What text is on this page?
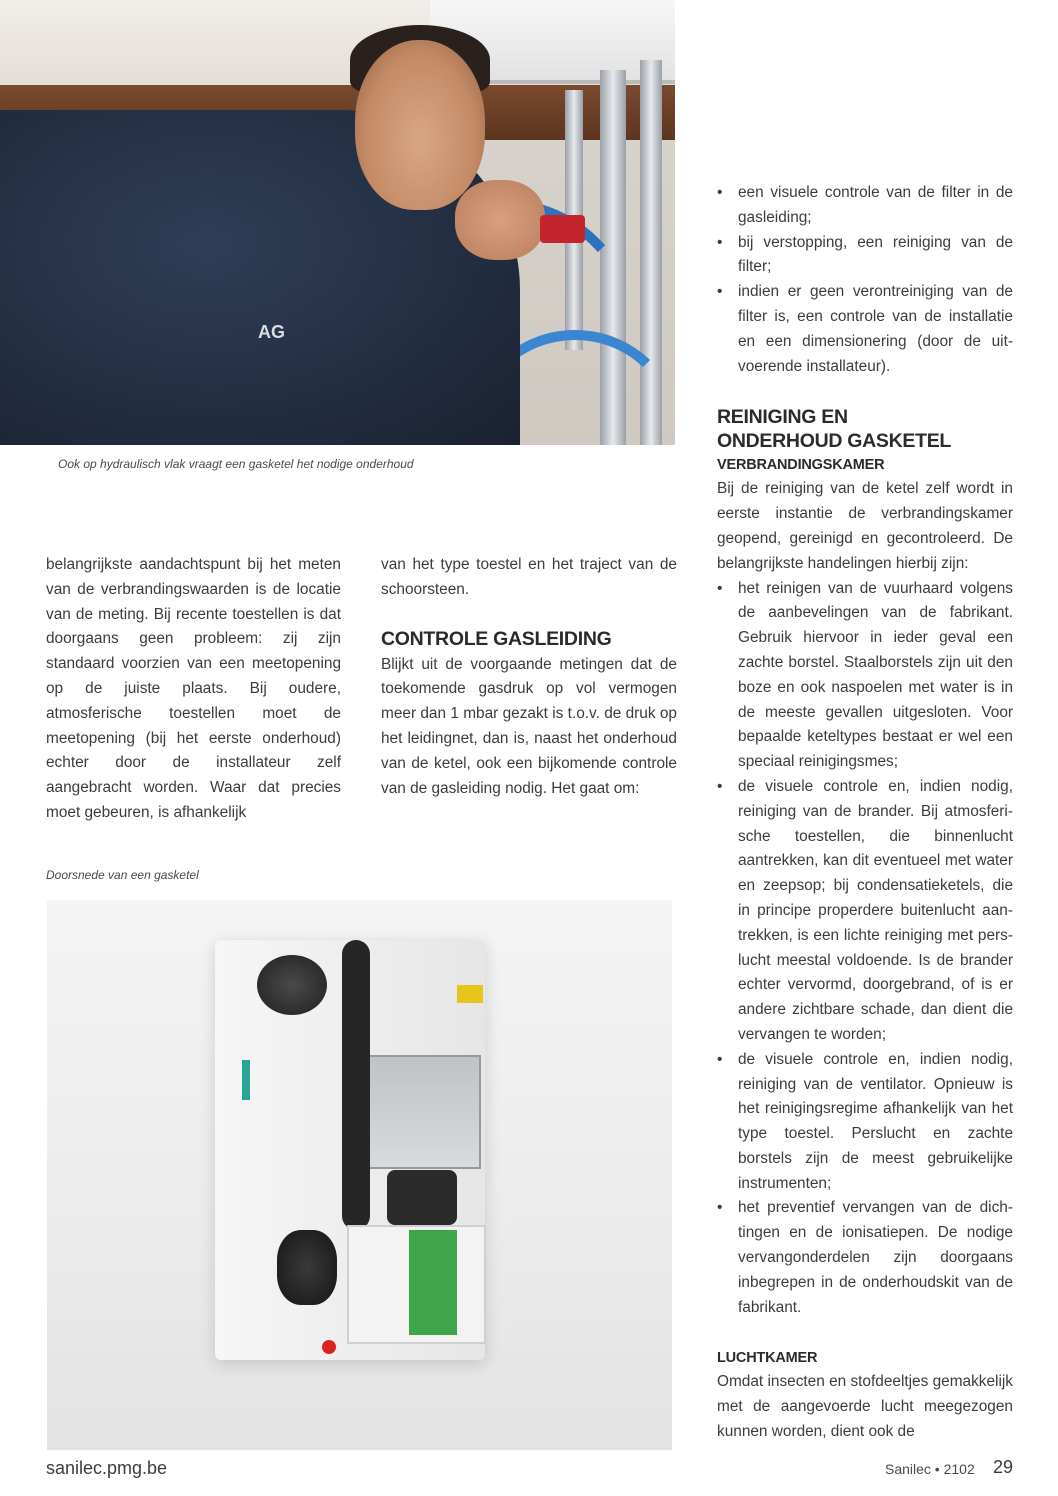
AG
Ook op hydraulisch vlak vraagt een gasketel het nodige onderhoud

belangrijkste aandachtspunt bij het meten van de verbrandingswaarden is de locatie van de meting. Bij recente toestellen is dat doorgaans geen probleem: zij zijn standaard voorzien van een meetopening op de juiste plaats. Bij oudere, atmosferische toestellen moet de meetopening (bij het eerste onderhoud) echter door de installateur zelf aangebracht worden. Waar dat precies moet gebeuren, is afhankelijk

van het type toestel en het traject van de schoorsteen.

CONTROLE GASLEIDING

Blijkt uit de voorgaande metingen dat de toekomende gasdruk op vol vermogen meer dan 1 mbar gezakt is t.o.v. de druk op het leidingnet, dan is, naast het onderhoud van de ketel, ook een bijkomende controle van de gasleiding nodig. Het gaat om:

Doorsnede van een gasketel
• een visuele controle van de filter in de gasleiding;
• bij verstopping, een reiniging van de filter;
• indien er geen verontreiniging van de filter is, een controle van de installatie en een dimensionering (door de uitvoerende installateur).
REINIGING EN ONDERHOUD GASKETEL
VERBRANDINGSKAMER

Bij de reiniging van de ketel zelf wordt in eerste instantie de verbrandingskamer geopend, gereinigd en gecontroleerd. De belangrijkste handelingen hierbij zijn:

• het reinigen van de vuurhaard volgens de aanbevelingen van de fabrikant. Gebruik hiervoor in ieder geval een zachte borstel. Staalborstels zijn uit den boze en ook naspoelen met water is in de meeste gevallen uitgesloten. Voor bepaalde keteltypes bestaat er wel een speciaal reinigingsmes;
• de visuele controle en, indien nodig, reiniging van de brander. Bij atmosferische toestellen, die binnenlucht aantrekken, kan dit eventueel met water en zeepsop; bij condensatieketels, die in principe properdere buitenlucht aantrekken, is een lichte reiniging met perslucht meestal voldoende. Is de brander echter vervormd, doorgebrand, of is er andere zichtbare schade, dan dient die vervangen te worden;
• de visuele controle en, indien nodig, reiniging van de ventilator. Opnieuw is het reinigingsregime afhankelijk van het type toestel. Perslucht en zachte borstels zijn de meest gebruikelijke instrumenten;
• het preventief vervangen van de dichtingen en de ionisatiepen. De nodige vervangonderdelen zijn doorgaans inbegrepen in de onderhoudskit van de fabrikant.
LUCHTKAMER

Omdat insecten en stofdeeltjes gemakkelijk met de aangevoerde lucht meegezogen kunnen worden, dient ook de

sanilec.pmg.be	Sanilec • 2102 29
